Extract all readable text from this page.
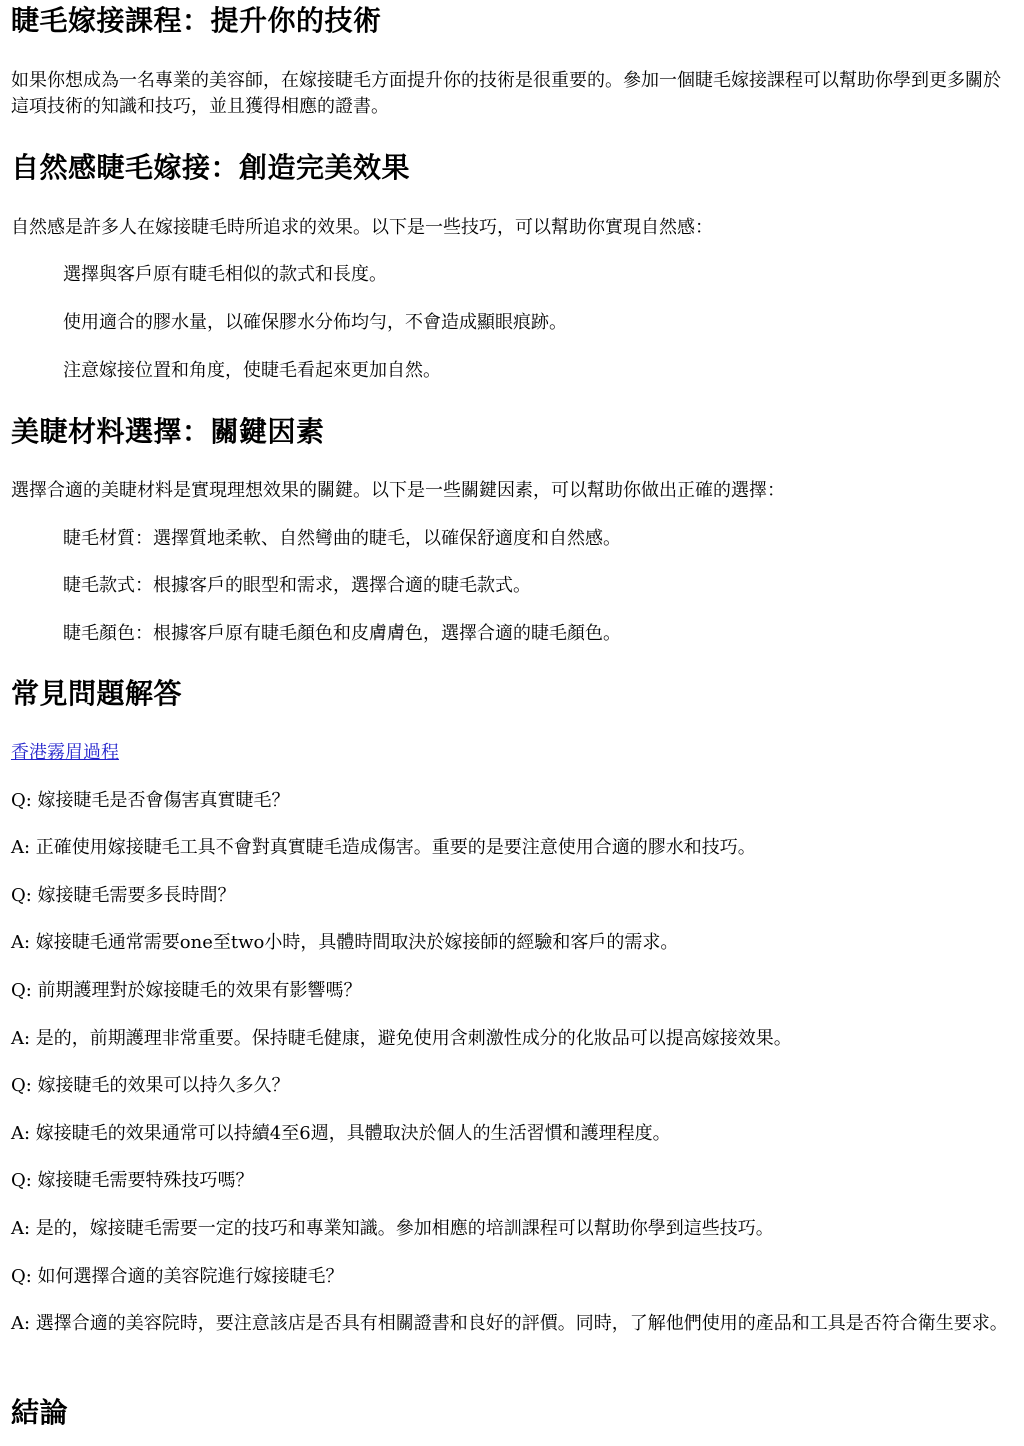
睫毛嫁接課程：提升你的技術

如果你想成為一名專業的美容師，在嫁接睫毛方面提升你的技術是很重要的。參加一個睫毛嫁接課程可以幫助你學到更多關於這項技術的知識和技巧，並且獲得相應的證書。

自然感睫毛嫁接：創造完美效果

自然感是許多人在嫁接睫毛時所追求的效果。以下是一些技巧，可以幫助你實現自然感：

選擇與客戶原有睫毛相似的款式和長度。

使用適合的膠水量，以確保膠水分佈均勻，不會造成顯眼痕跡。

注意嫁接位置和角度，使睫毛看起來更加自然。

美睫材料選擇：關鍵因素

選擇合適的美睫材料是實現理想效果的關鍵。以下是一些關鍵因素，可以幫助你做出正確的選擇：

睫毛材質：選擇質地柔軟、自然彎曲的睫毛，以確保舒適度和自然感。

睫毛款式：根據客戶的眼型和需求，選擇合適的睫毛款式。

睫毛顏色：根據客戶原有睫毛顏色和皮膚膚色，選擇合適的睫毛顏色。

常見問題解答
香港霧眉過程

Q: 嫁接睫毛是否會傷害真實睫毛？

A: 正確使用嫁接睫毛工具不會對真實睫毛造成傷害。重要的是要注意使用合適的膠水和技巧。

Q: 嫁接睫毛需要多長時間？

A: 嫁接睫毛通常需要one至two小時，具體時間取決於嫁接師的經驗和客戶的需求。

Q: 前期護理對於嫁接睫毛的效果有影響嗎？

A: 是的，前期護理非常重要。保持睫毛健康，避免使用含刺激性成分的化妝品可以提高嫁接效果。

Q: 嫁接睫毛的效果可以持久多久？

A: 嫁接睫毛的效果通常可以持續4至6週，具體取決於個人的生活習慣和護理程度。

Q: 嫁接睫毛需要特殊技巧嗎？

A: 是的，嫁接睫毛需要一定的技巧和專業知識。參加相應的培訓課程可以幫助你學到這些技巧。

Q: 如何選擇合適的美容院進行嫁接睫毛？

A: 選擇合適的美容院時，要注意該店是否具有相關證書和良好的評價。同時，了解他們使用的產品和工具是否符合衛生要求。

結論
